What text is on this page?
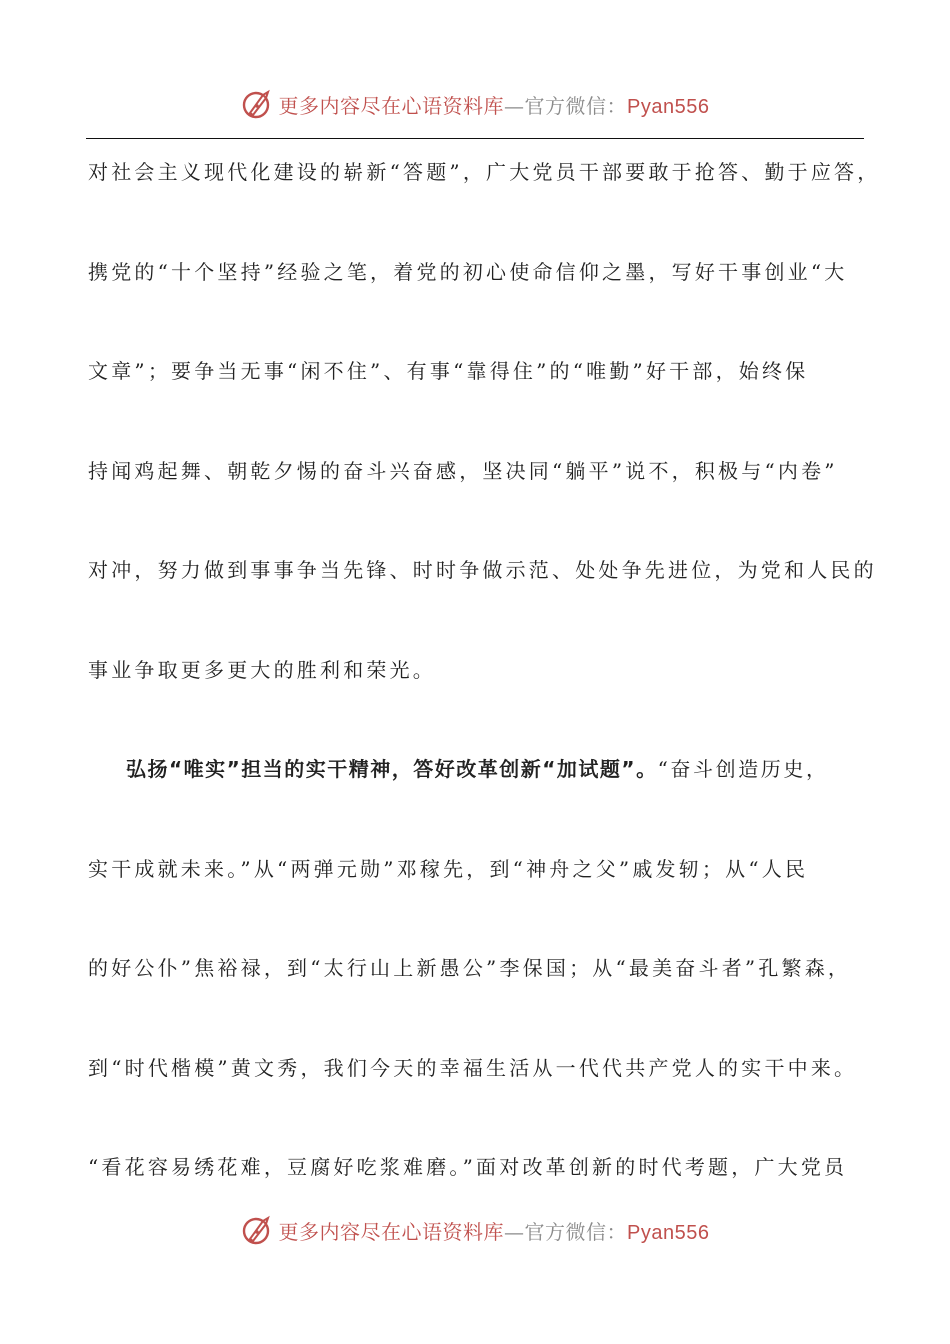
更多内容尽在心语资料库—官方微信：Pyan556
对社会主义现代化建设的崭新“答题”，广大党员干部要敢于抢答、勤于应答，
携党的“十个坚持”经验之笔，着党的初心使命信仰之墨，写好干事创业“大
文章”；要争当无事“闲不住”、有事“靠得住”的“唯勤”好干部，始终保
持闻鸡起舞、朝乾夕惕的奋斗兴奋感，坚决同“躺平”说不，积极与“内卷”
对冲，努力做到事事争当先锋、时时争做示范、处处争先进位，为党和人民的
事业争取更多更大的胜利和荣光。
弘扬“唯实”担当的实干精神，答好改革创新“加试题”。“奋斗创造历史，
实干成就未来。”从“两弹元勋”邓稼先，到“神舟之父”戚发轫；从“人民
的好公仆”焦裕禄，到“太行山上新愚公”李保国；从“最美奋斗者”孔繁森，
到“时代楷模”黄文秀，我们今天的幸福生活从一代代共产党人的实干中来。
“看花容易绣花难，豆腐好吃浆难磨。”面对改革创新的时代考题，广大党员
更多内容尽在心语资料库—官方微信：Pyan556
